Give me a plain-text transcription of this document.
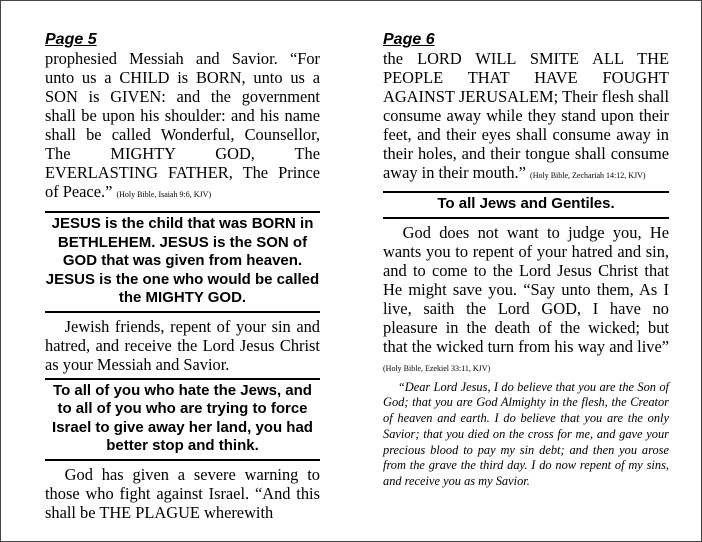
Page 5
prophesied Messiah and Savior. “For
unto us a CHILD is BORN, unto us a
SON is GIVEN: and the government
shall be upon his shoulder: and his name
shall be called Wonderful, Counsellor,
The MIGHTY GOD, The
EVERLASTING FATHER, The Prince
of Peace.” (Holy Bible, Isaiah 9:6, KJV)
JESUS is the child that was BORN in BETHLEHEM. JESUS is the SON of GOD that was given from heaven. JESUS is the one who would be called the MIGHTY GOD.

Jewish friends, repent of your sin and hatred, and receive the Lord Jesus Christ as your Messiah and Savior.

To all of you who hate the Jews, and to all of you who are trying to force Israel to give away her land, you had better stop and think.

God has given a severe warning to those who fight against Israel. “And this shall be THE PLAGUE wherewith

Page 6

the LORD WILL SMITE ALL THE PEOPLE THAT HAVE FOUGHT AGAINST JERUSALEM; Their flesh shall consume away while they stand upon their feet, and their eyes shall consume away in their holes, and their tongue shall consume away in their mouth.” (Holy Bible, Zechariah 14:12, KJV)

To all Jews and Gentiles.

God does not want to judge you, He wants you to repent of your hatred and sin, and to come to the Lord Jesus Christ that He might save you. “Say unto them, As I live, saith the Lord GOD, I have no pleasure in the death of the wicked; but that the wicked turn from his way and live” (Holy Bible, Ezekiel 33:11, KJV)

“Dear Lord Jesus, I do believe that you are the Son of God; that you are God Almighty in the flesh, the Creator of heaven and earth. I do believe that you are the only Savior; that you died on the cross for me, and gave your precious blood to pay my sin debt; and then you arose from the grave the third day. I do now repent of my sins, and receive you as my Savior.
